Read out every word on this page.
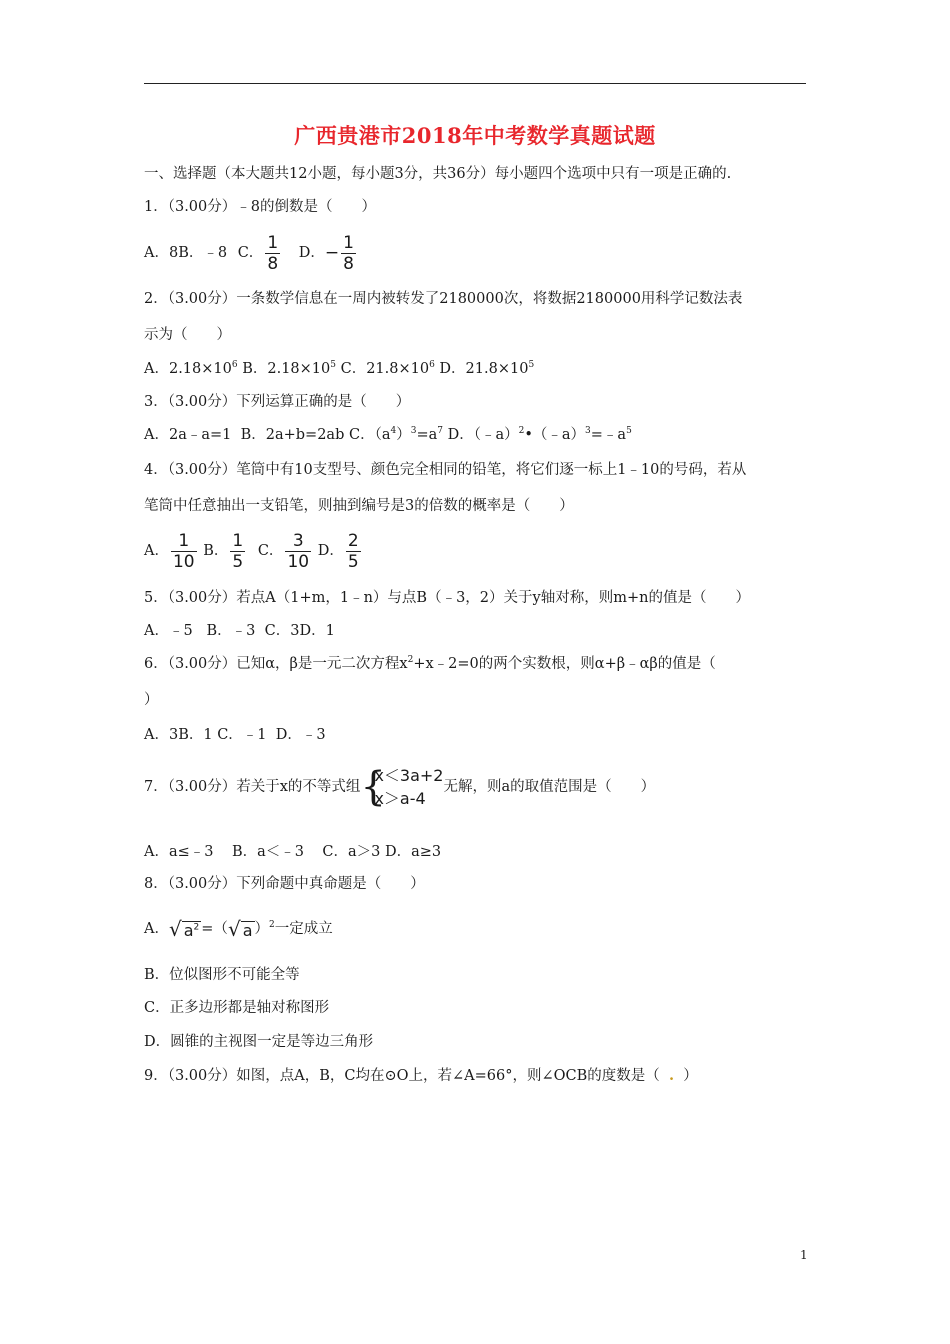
广西贵港市2018年中考数学真题试题
一、选择题（本大题共12小题，每小题3分，共36分）每小题四个选项中只有一项是正确的.
1．（3.00分）﹣8的倒数是（　　）
A．8B．﹣8 C． $\frac{1}{8}$ D．− $\frac{1}{8}$
2．（3.00分）一条数学信息在一周内被转发了2180000次，将数据2180000用科学记数法表
示为（　　）
A．$2.18\times 10^6$ B．$2.18\times 10^5$ C．$21.8\times 10^6$ D．$21.8\times 10^5$
3．（3.00分）下列运算正确的是（　　）
A．2a﹣a=1 B．2a+b=2ab C．$(a^4)^3=a^7$ D．$(﹣a)^2•(﹣a)^3=﹣a^5$
4．（3.00分）笔筒中有10支型号、颜色完全相同的铅笔，将它们逐一标上1﹣10的号码，若从
笔筒中任意抽出一支铅笔，则抽到编号是3的倍数的概率是（　　）
A． $\frac{1}{10}$ B． $\frac{1}{5}$ C． $\frac{3}{10}$ D． $\frac{2}{5}$
5．（3.00分）若点A（1+m，1﹣n）与点B（﹣3，2）关于y轴对称，则m+n的值是（　　）
A．﹣5 B．﹣3 C．3D．1
6．（3.00分）已知α，β是一元二次方程$x^2+x﹣2=0$的两个实数根，则α+β﹣αβ的值是（
）
A．3B．1 C．﹣1 D．﹣3
7．（3.00分）若关于x的不等式组 {
x＜3a+2
x＞a-4
无解，则a的取值范围是（　　）
A．a≤﹣3 B．a＜﹣3 C．a＞3 D．a≥3
8．（3.00分）下列命题中真命题是（　　）
A． √ $a^2$ =（ √ a ）$^2$一定成立
B．位似图形不可能全等
C．正多边形都是轴对称图形
D．圆锥的主视图一定是等边三角形
9．（3.00分）如图，点A，B，C均在⊙O上，若∠A=66°，则∠OCB的度数是（ . ）
1
